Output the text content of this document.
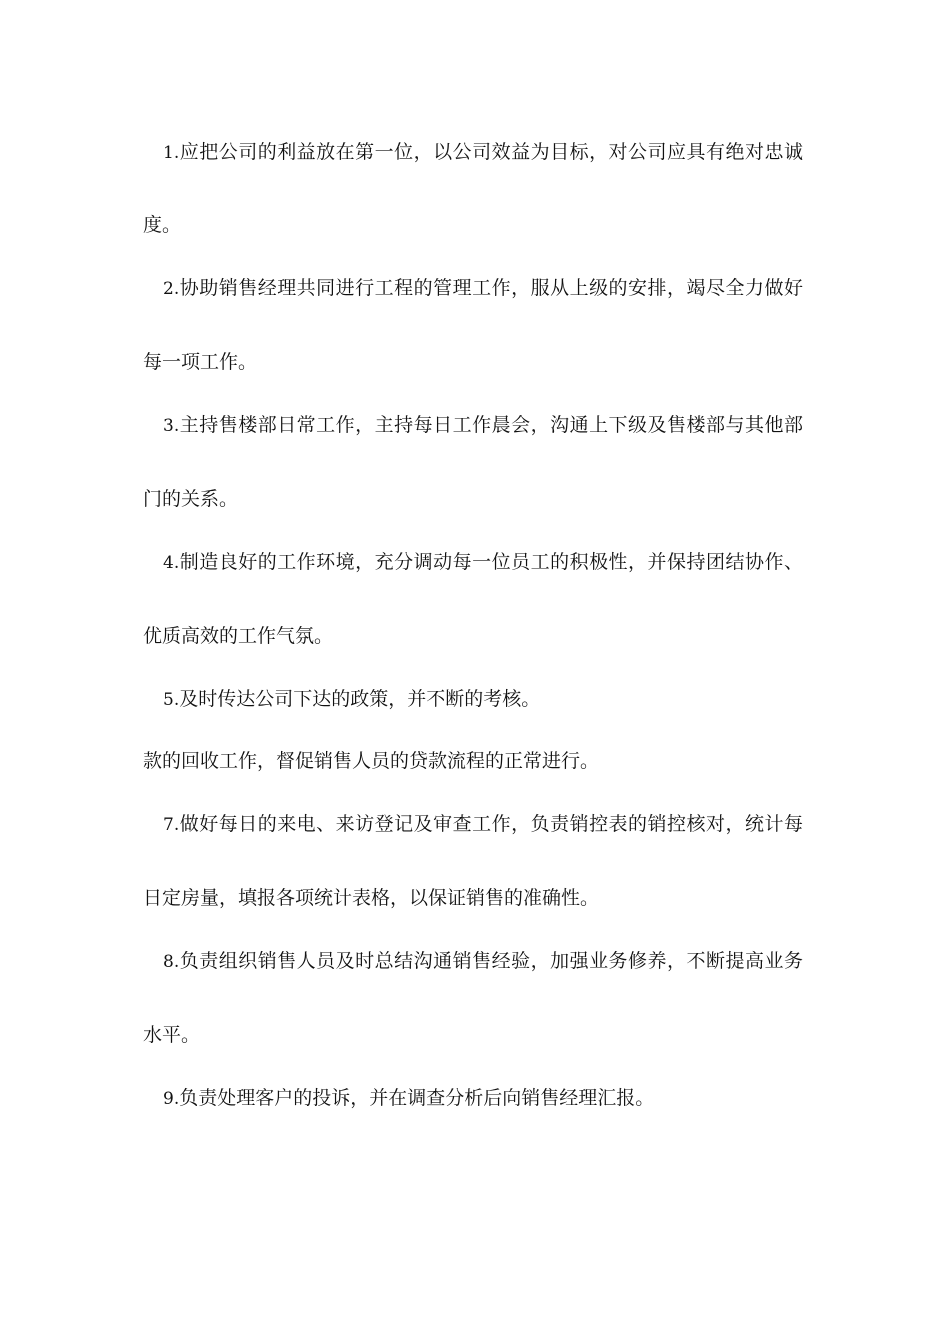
1.应把公司的利益放在第一位，以公司效益为目标，对公司应具有绝对忠诚
度。
2.协助销售经理共同进行工程的管理工作，服从上级的安排，竭尽全力做好
每一项工作。
3.主持售楼部日常工作，主持每日工作晨会，沟通上下级及售楼部与其他部
门的关系。
4.制造良好的工作环境，充分调动每一位员工的积极性，并保持团结协作、
优质高效的工作气氛。
5.及时传达公司下达的政策，并不断的考核。
款的回收工作，督促销售人员的贷款流程的正常进行。
7.做好每日的来电、来访登记及审查工作，负责销控表的销控核对，统计每
日定房量，填报各项统计表格，以保证销售的准确性。
8.负责组织销售人员及时总结沟通销售经验，加强业务修养，不断提高业务
水平。
9.负责处理客户的投诉，并在调查分析后向销售经理汇报。
